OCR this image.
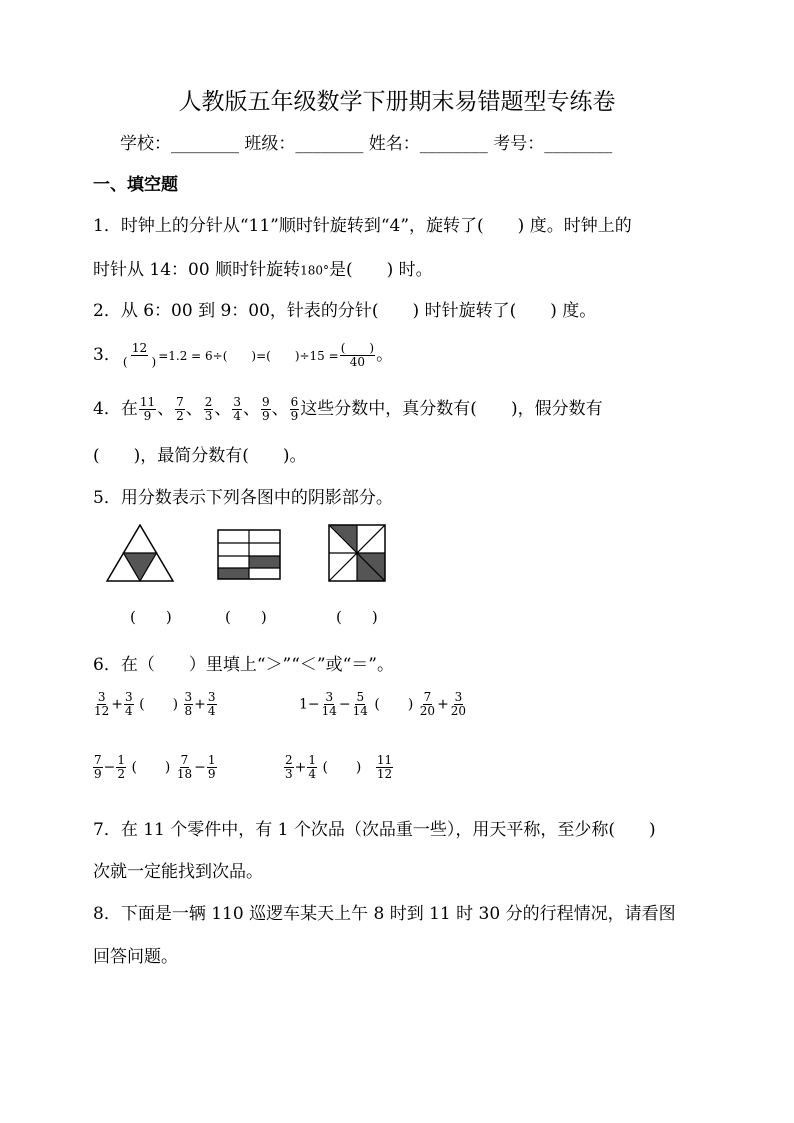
人教版五年级数学下册期末易错题型专练卷
学校：________ 班级：________ 姓名：________ 考号：________
一、填空题
1．时钟上的分针从“11”顺时针旋转到“4”，旋转了(　　) 度。时钟上的
时针从 14：00 顺时针旋转180°是(　　) 时。
2．从 6：00 到 9：00，针表的分针(　　) 时针旋转了(　　) 度。
3． $\frac{12}{( )} =1.2 = 6\div$(　　)=(　　)$\div 15 = \frac{( )}{40}$ 。
4．在 $\frac{11}{9}$ 、 $\frac{7}{2}$ 、 $\frac{2}{3}$ 、 $\frac{3}{4}$ 、 $\frac{9}{9}$ 、 $\frac{6}{9}$ 这些分数中，真分数有(　　)，假分数有
(　　)，最简分数有(　　)。
5．用分数表示下列各图中的阴影部分。
(　　)	(　　)	(　　)
6．在（　　）里填上“＞”“＜”或“＝”。
$\frac{3}{12} + \frac{3}{4}$ (　　) $\frac{3}{8} + \frac{3}{4}$	$1- \frac{3}{14} - \frac{5}{14}$ (　　) $\frac{7}{20} + \frac{3}{20}$
$\frac{7}{9} - \frac{1}{2}$ (　　) $\frac{7}{18} - \frac{1}{9}$	$\frac{2}{3} + \frac{1}{4}$ (　　) $\frac{11}{12}$
7．在 11 个零件中，有 1 个次品（次品重一些），用天平称，至少称(　　)
次就一定能找到次品。
8．下面是一辆 110 巡逻车某天上午 8 时到 11 时 30 分的行程情况，请看图
回答问题。
